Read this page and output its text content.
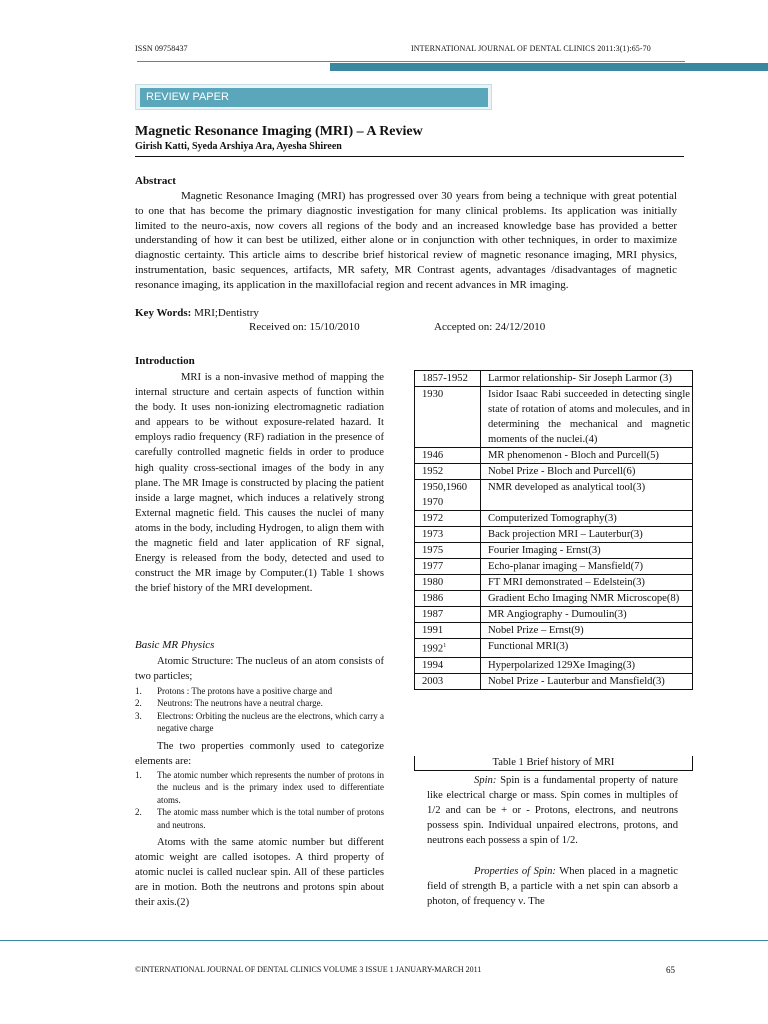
ISSN 09758437	INTERNATIONAL JOURNAL OF DENTAL CLINICS 2011:3(1):65-70
REVIEW PAPER
Magnetic Resonance Imaging (MRI) – A Review
Girish Katti, Syeda Arshiya Ara, Ayesha Shireen
Abstract

Magnetic Resonance Imaging (MRI) has progressed over 30 years from being a technique with great potential to one that has become the primary diagnostic investigation for many clinical problems. Its application was initially limited to the neuro-axis, now covers all regions of the body and an increased knowledge base has provided a better understanding of how it can best be utilized, either alone or in conjunction with other techniques, in order to maximize diagnostic certainty. This article aims to describe brief historical review of magnetic resonance imaging, MRI physics, instrumentation, basic sequences, artifacts, MR safety, MR Contrast agents, advantages /disadvantages of magnetic resonance imaging, its application in the maxillofacial region and recent advances in MR imaging.

Key Words: MRI;Dentistry
Received on: 15/10/2010	Accepted on: 24/12/2010
Introduction

MRI is a non-invasive method of mapping the internal structure and certain aspects of function within the body. It uses non-ionizing electromagnetic radiation and appears to be without exposure-related hazard. It employs radio frequency (RF) radiation in the presence of carefully controlled magnetic fields in order to produce high quality cross-sectional images of the body in any plane. The MR Image is constructed by placing the patient inside a large magnet, which induces a relatively strong External magnetic field. This causes the nuclei of many atoms in the body, including Hydrogen, to align them with the magnetic field and later application of RF signal, Energy is released from the body, detected and used to construct the MR image by Computer.(1) Table 1 shows the brief history of the MRI development.

Basic MR Physics

Atomic Structure: The nucleus of an atom consists of two particles;

1. Protons : The protons have a positive charge and
2. Neutrons: The neutrons have a neutral charge.
3. Electrons: Orbiting the nucleus are the electrons, which carry a negative charge

The two properties commonly used to categorize elements are:

1. The atomic number which represents the number of protons in the nucleus and is the primary index used to differentiate atoms.
2. The atomic mass number which is the total number of protons and neutrons.

Atoms with the same atomic number but different atomic weight are called isotopes. A third property of atomic nuclei is called nuclear spin. All of these particles are in motion. Both the neutrons and protons spin about their axis.(2)

1857-1952	Larmor relationship- Sir Joseph Larmor (3)
1930	Isidor Isaac Rabi succeeded in detecting single state of rotation of atoms and molecules, and in determining the mechanical and magnetic moments of the nuclei.(4)
1946	MR phenomenon - Bloch and Purcell(5)
1952	Nobel Prize - Bloch and Purcell(6)
1950,1960 1970	NMR developed as analytical tool(3)
1972	Computerized Tomography(3)
1973	Back projection MRI – Lauterbur(3)
1975	Fourier Imaging - Ernst(3)
1977	Echo-planar imaging – Mansfield(7)
1980	FT MRI demonstrated – Edelstein(3)
1986	Gradient Echo Imaging NMR Microscope(8)
1987	MR Angiography - Dumoulin(3)
1991	Nobel Prize – Ernst(9)
1992$^1$	Functional MRI(3)
1994	Hyperpolarized 129Xe Imaging(3)
2003	Nobel Prize - Lauterbur and Mansfield(3)
Table 1 Brief history of MRI

Spin: Spin is a fundamental property of nature like electrical charge or mass. Spin comes in multiples of 1/2 and can be + or - Protons, electrons, and neutrons possess spin. Individual unpaired electrons, protons, and neutrons each possess a spin of 1/2.

Properties of Spin: When placed in a magnetic field of strength B, a particle with a net spin can absorb a photon, of frequency ν. The

©INTERNATIONAL JOURNAL OF DENTAL CLINICS VOLUME 3 ISSUE 1 JANUARY-MARCH 2011	65
